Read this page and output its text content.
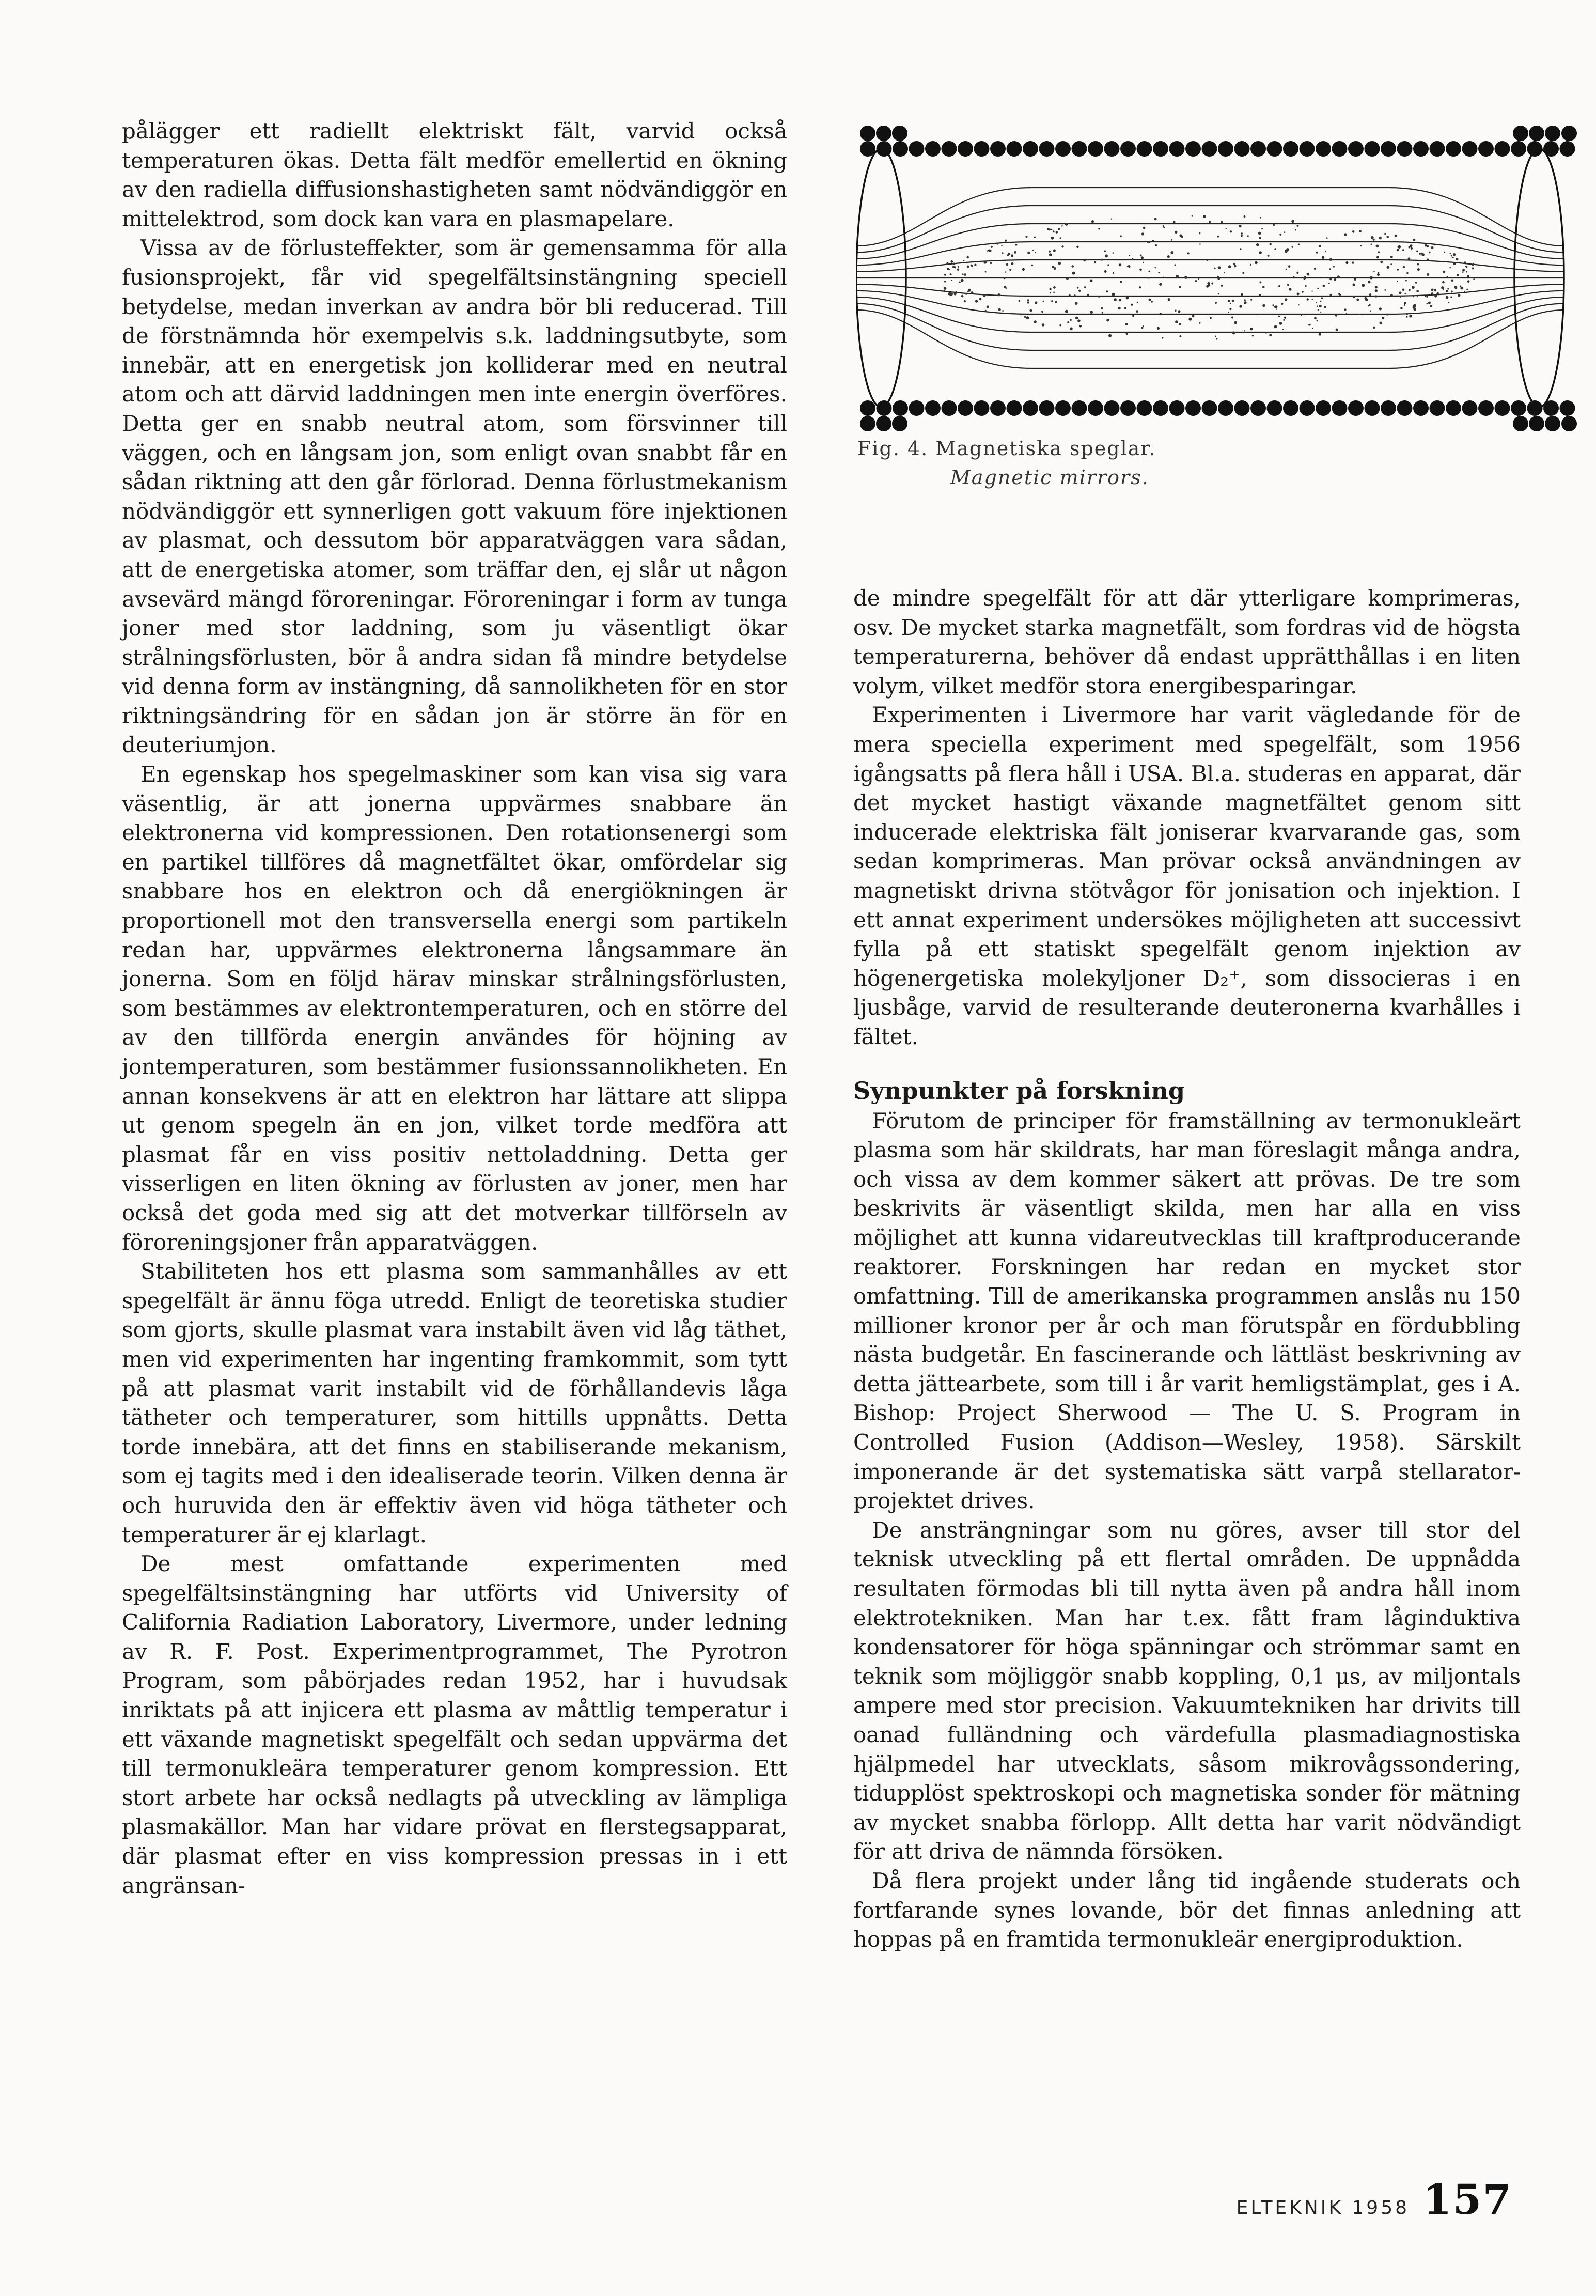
pålägger ett radiellt elektriskt fält, varvid också temperaturen ökas. Detta fält medför emellertid en ökning av den radiella diffusionshastigheten samt nödvändiggör en mittelektrod, som dock kan vara en plasmapelare.

Vissa av de förlusteffekter, som är gemensamma för alla fusionsprojekt, får vid spegelfältsinstängning speciell betydelse, medan inverkan av andra bör bli reducerad. Till de förstnämnda hör exempelvis s.k. laddningsutbyte, som innebär, att en energetisk jon kolliderar med en neutral atom och att därvid laddningen men inte energin överföres. Detta ger en snabb neutral atom, som försvinner till väggen, och en långsam jon, som enligt ovan snabbt får en sådan riktning att den går förlorad. Denna förlustmekanism nödvändiggör ett synnerligen gott vakuum före injektionen av plasmat, och dessutom bör apparatväggen vara sådan, att de energetiska atomer, som träffar den, ej slår ut någon avsevärd mängd föroreningar. Föroreningar i form av tunga joner med stor laddning, som ju väsentligt ökar strålningsförlusten, bör å andra sidan få mindre betydelse vid denna form av instängning, då sannolikheten för en stor riktningsändring för en sådan jon är större än för en deuteriumjon.

En egenskap hos spegelmaskiner som kan visa sig vara väsentlig, är att jonerna uppvärmes snabbare än elektronerna vid kompressionen. Den rotationsenergi som en partikel tillföres då magnetfältet ökar, omfördelar sig snabbare hos en elektron och då energiökningen är proportionell mot den transversella energi som partikeln redan har, uppvärmes elektronerna långsammare än jonerna. Som en följd härav minskar strålningsförlusten, som bestämmes av elektrontemperaturen, och en större del av den tillförda energin användes för höjning av jontemperaturen, som bestämmer fusionssannolikheten. En annan konsekvens är att en elektron har lättare att slippa ut genom spegeln än en jon, vilket torde medföra att plasmat får en viss positiv nettoladdning. Detta ger visserligen en liten ökning av förlusten av joner, men har också det goda med sig att det motverkar tillförseln av föroreningsjoner från apparatväggen.

Stabiliteten hos ett plasma som sammanhålles av ett spegelfält är ännu föga utredd. Enligt de teoretiska studier som gjorts, skulle plasmat vara instabilt även vid låg täthet, men vid experimenten har ingenting framkommit, som tytt på att plasmat varit instabilt vid de förhållandevis låga tätheter och temperaturer, som hittills uppnåtts. Detta torde innebära, att det finns en stabiliserande mekanism, som ej tagits med i den idealiserade teorin. Vilken denna är och huruvida den är effektiv även vid höga tätheter och temperaturer är ej klarlagt.

De mest omfattande experimenten med spegelfältsinstängning har utförts vid University of California Radiation Laboratory, Livermore, under ledning av R. F. Post. Experimentprogrammet, The Pyrotron Program, som påbörjades redan 1952, har i huvudsak inriktats på att injicera ett plasma av måttlig temperatur i ett växande magnetiskt spegelfält och sedan uppvärma det till termonukleära temperaturer genom kompression. Ett stort arbete har också nedlagts på utveckling av lämpliga plasmakällor. Man har vidare prövat en flerstegsapparat, där plasmat efter en viss kompression pressas in i ett angränsan-

Fig. 4. Magnetiska speglar.
Magnetic mirrors.

de mindre spegelfält för att där ytterligare komprimeras, osv. De mycket starka magnetfält, som fordras vid de högsta temperaturerna, behöver då endast upprätthållas i en liten volym, vilket medför stora energibesparingar.

Experimenten i Livermore har varit vägledande för de mera speciella experiment med spegelfält, som 1956 igångsatts på flera håll i USA. Bl.a. studeras en apparat, där det mycket hastigt växande magnetfältet genom sitt inducerade elektriska fält joniserar kvarvarande gas, som sedan komprimeras. Man prövar också användningen av magnetiskt drivna stötvågor för jonisation och injektion. I ett annat experiment undersökes möjligheten att successivt fylla på ett statiskt spegelfält genom injektion av högenergetiska molekyljoner D₂⁺, som dissocieras i en ljusbåge, varvid de resulterande deuteronerna kvarhålles i fältet.

Synpunkter på forskning

Förutom de principer för framställning av termonukleärt plasma som här skildrats, har man föreslagit många andra, och vissa av dem kommer säkert att prövas. De tre som beskrivits är väsentligt skilda, men har alla en viss möjlighet att kunna vidareutvecklas till kraftproducerande reaktorer. Forskningen har redan en mycket stor omfattning. Till de amerikanska programmen anslås nu 150 millioner kronor per år och man förutspår en fördubbling nästa budgetår. En fascinerande och lättläst beskrivning av detta jättearbete, som till i år varit hemligstämplat, ges i A. Bishop: Project Sherwood — The U. S. Program in Controlled Fusion (Addison—Wesley, 1958). Särskilt imponerande är det systematiska sätt varpå stellarator-projektet drives.

De ansträngningar som nu göres, avser till stor del teknisk utveckling på ett flertal områden. De uppnådda resultaten förmodas bli till nytta även på andra håll inom elektrotekniken. Man har t.ex. fått fram låginduktiva kondensatorer för höga spänningar och strömmar samt en teknik som möjliggör snabb koppling, 0,1 μs, av miljontals ampere med stor precision. Vakuumtekniken har drivits till oanad fulländning och värdefulla plasmadiagnostiska hjälpmedel har utvecklats, såsom mikrovågssondering, tidupplöst spektroskopi och magnetiska sonder för mätning av mycket snabba förlopp. Allt detta har varit nödvändigt för att driva de nämnda försöken.

Då flera projekt under lång tid ingående studerats och fortfarande synes lovande, bör det finnas anledning att hoppas på en framtida termonukleär energiproduktion.

ELTEKNIK 1958 157
